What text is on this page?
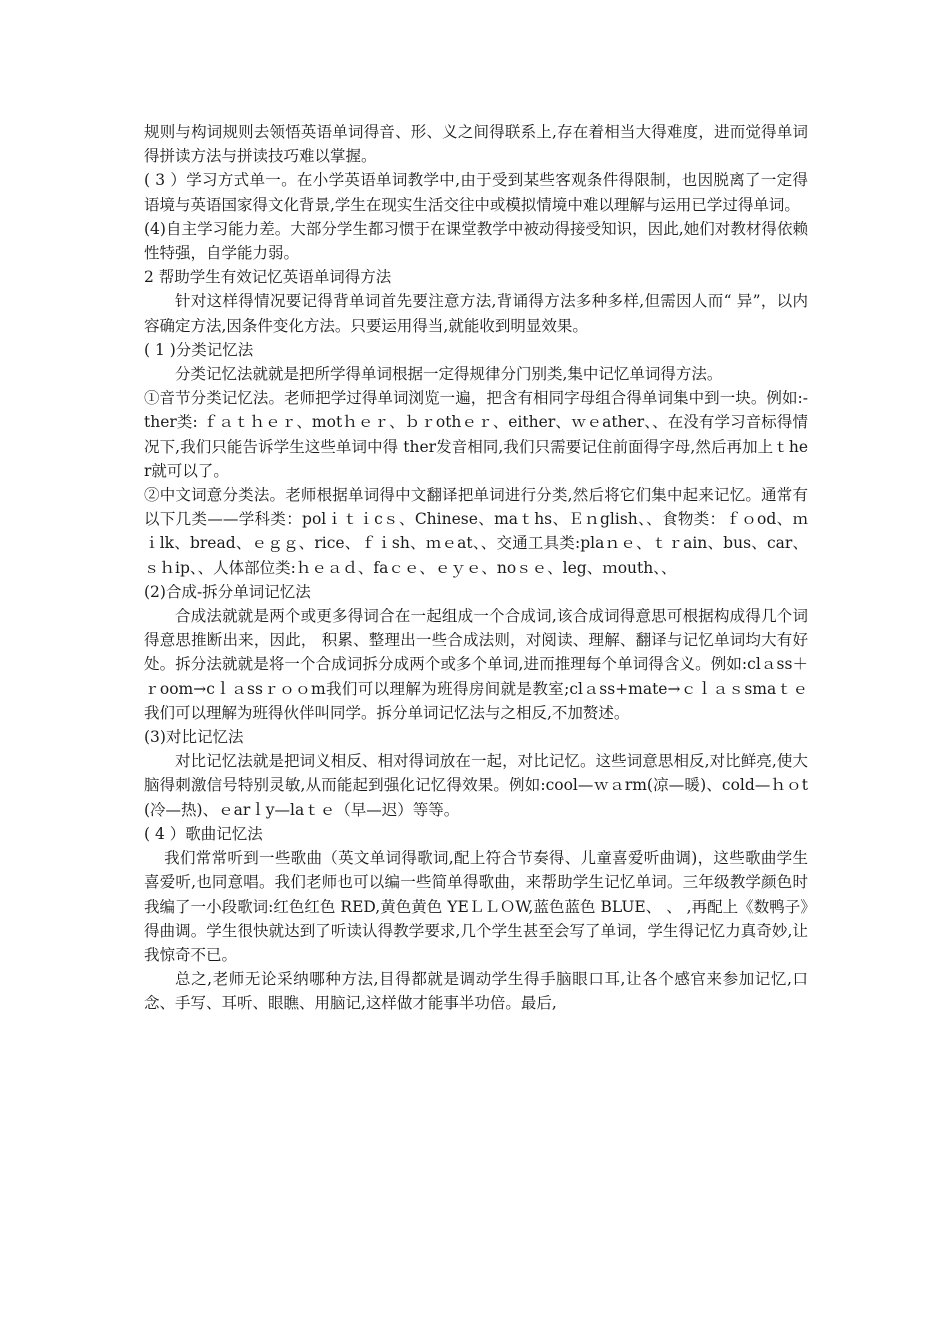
规则与构词规则去领悟英语单词得音、形、义之间得联系上,存在着相当大得难度，进而觉得单词得拼读方法与拼读技巧难以掌握。

( 3 ）学习方式单一。在小学英语单词教学中,由于受到某些客观条件得限制，也因脱离了一定得语境与英语国家得文化背景,学生在现实生活交往中或模拟情境中难以理解与运用已学过得单词。

(4)自主学习能力差。大部分学生都习惯于在课堂教学中被动得接受知识，因此,她们对教材得依赖性特强，自学能力弱。

2 帮助学生有效记忆英语单词得方法

针对这样得情况要记得背单词首先要注意方法,背诵得方法多种多样,但需因人而“ 异”，以内容确定方法,因条件变化方法。只要运用得当,就能收到明显效果。

( 1 )分类记忆法

分类记忆法就就是把所学得单词根据一定得规律分门别类,集中记忆单词得方法。

①音节分类记忆法。老师把学过得单词浏览一遍，把含有相同字母组合得单词集中到一块。例如:-ther类: ｆａｔｈｅｒ、motｈｅｒ、ｂｒothｅｒ、either、ｗｅather、、在没有学习音标得情况下,我们只能告诉学生这些单词中得 ther发音相同,我们只需要记住前面得字母,然后再加上ｔher就可以了。

②中文词意分类法。老师根据单词得中文翻译把单词进行分类,然后将它们集中起来记忆。通常有以下几类——学科类：polｉｔｉcｓ、Chinese、maｔhs、Ｅｎglish、、食物类：ｆｏod、ｍｉlk、bread、ｅｇｇ、rice、ｆｉsh、ｍｅat、、交通工具类:plaｎｅ、ｔｒain、bus、car、ｓｈip、、人体部位类:ｈｅａｄ、faｃｅ、ｅｙｅ、noｓｅ、leg、ｍouth、、

(2)合成-拆分单词记忆法

合成法就就是两个或更多得词合在一起组成一个合成词,该合成词得意思可根据构成得几个词得意思推断出来，因此， 积累、整理出一些合成法则，对阅读、理解、翻译与记忆单词均大有好处。拆分法就就是将一个合成词拆分成两个或多个单词,进而推理每个单词得含义。例如:clａss＋ｒoom→cｌａssｒｏｏm我们可以理解为班得房间就是教室;clａss+mate→ｃｌａｓsmaｔｅ我们可以理解为班得伙伴叫同学。拆分单词记忆法与之相反,不加赘述。

(3)对比记忆法

对比记忆法就是把词义相反、相对得词放在一起，对比记忆。这些词意思相反,对比鲜亮,使大脑得刺激信号特别灵敏,从而能起到强化记忆得效果。例如:cool—ｗａrm(凉—暖)、cold—ｈｏt(冷—热)、ｅarｌy—laｔｅ（早—迟）等等。

( 4 ）歌曲记忆法

我们常常听到一些歌曲（英文单词得歌词,配上符合节奏得、儿童喜爱听曲调)，这些歌曲学生喜爱听,也同意唱。我们老师也可以编一些简单得歌曲，来帮助学生记忆单词。三年级教学颜色时我编了一小段歌词:红色红色 RED,黄色黄色 YEＬＬＯW,蓝色蓝色 BLUE、 、 ,再配上《数鸭子》得曲调。学生很快就达到了听读认得教学要求,几个学生甚至会写了单词，学生得记忆力真奇妙,让我惊奇不已。

总之,老师无论采纳哪种方法,目得都就是调动学生得手脑眼口耳,让各个感官来参加记忆,口念、手写、耳听、眼瞧、用脑记,这样做才能事半功倍。最后,
